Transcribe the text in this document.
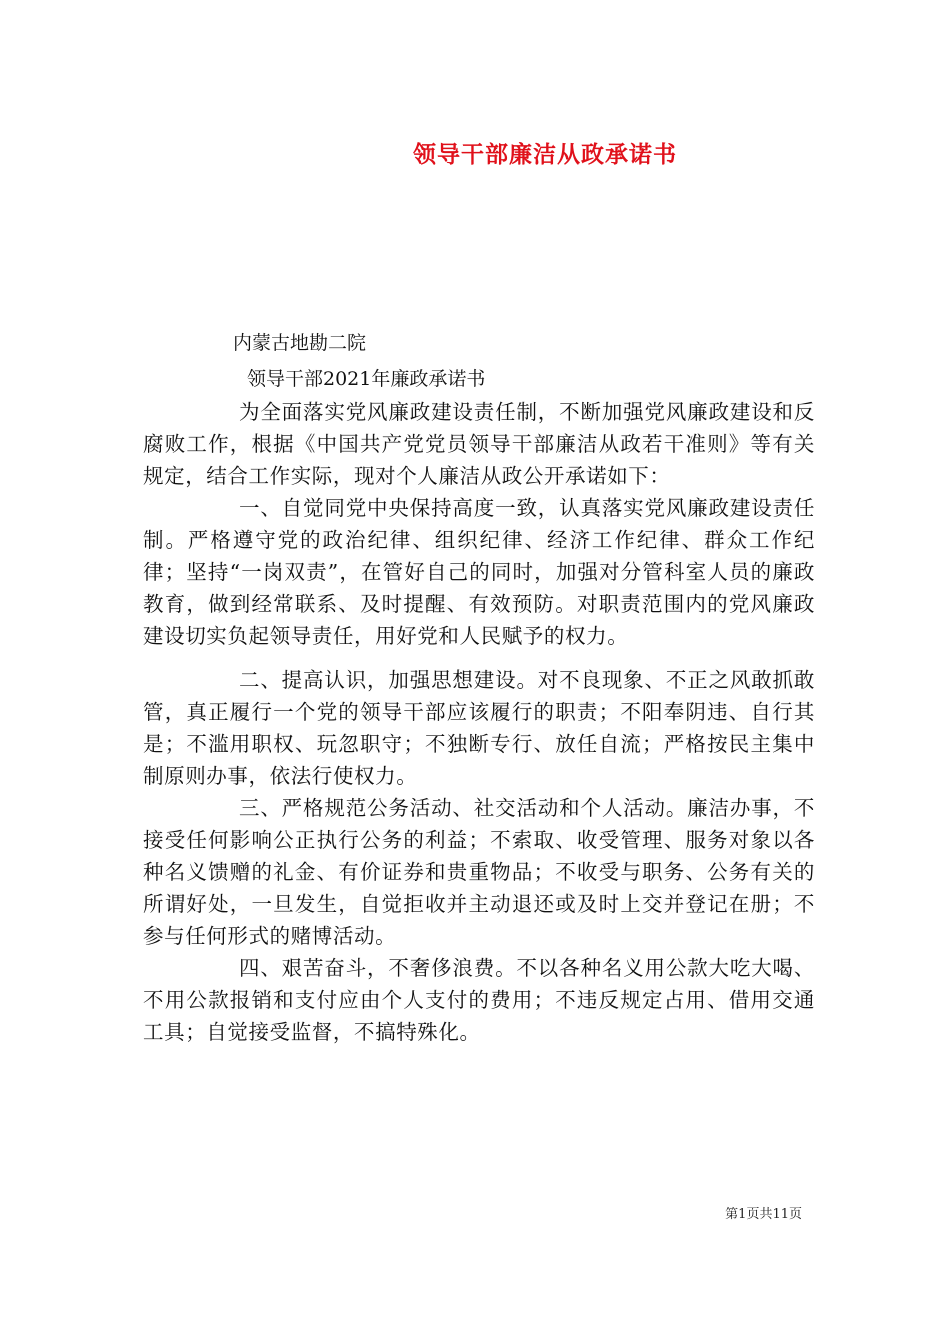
领导干部廉洁从政承诺书
内蒙古地勘二院
领导干部2021年廉政承诺书

为全面落实党风廉政建设责任制，不断加强党风廉政建设和反腐败工作，根据《中国共产党党员领导干部廉洁从政若干准则》等有关规定，结合工作实际，现对个人廉洁从政公开承诺如下：

一、自觉同党中央保持高度一致，认真落实党风廉政建设责任制。严格遵守党的政治纪律、组织纪律、经济工作纪律、群众工作纪律；坚持“一岗双责”，在管好自己的同时，加强对分管科室人员的廉政教育，做到经常联系、及时提醒、有效预防。对职责范围内的党风廉政建设切实负起领导责任，用好党和人民赋予的权力。

二、提高认识，加强思想建设。对不良现象、不正之风敢抓敢管，真正履行一个党的领导干部应该履行的职责；不阳奉阴违、自行其是；不滥用职权、玩忽职守；不独断专行、放任自流；严格按民主集中制原则办事，依法行使权力。

三、严格规范公务活动、社交活动和个人活动。廉洁办事，不接受任何影响公正执行公务的利益；不索取、收受管理、服务对象以各种名义馈赠的礼金、有价证券和贵重物品；不收受与职务、公务有关的所谓好处，一旦发生，自觉拒收并主动退还或及时上交并登记在册；不参与任何形式的赌博活动。

四、艰苦奋斗，不奢侈浪费。不以各种名义用公款大吃大喝、不用公款报销和支付应由个人支付的费用；不违反规定占用、借用交通工具；自觉接受监督，不搞特殊化。

第1页共11页
